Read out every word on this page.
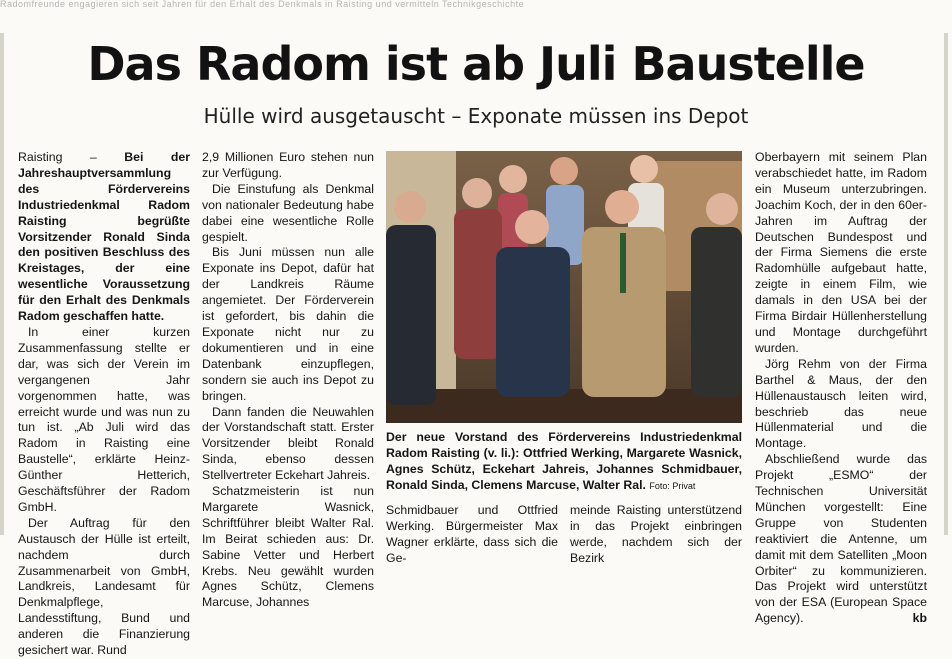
Radomfreunde engagieren sich seit Jahren für den Erhalt des Denkmals in Raisting und vermitteln Technikgeschichte
Das Radom ist ab Juli Baustelle
Hülle wird ausgetauscht – Exponate müssen ins Depot

Raisting – Bei der Jahreshauptversammlung des Fördervereins Industriedenkmal Radom Raisting begrüßte Vorsitzender Ronald Sinda den positiven Beschluss des Kreistages, der eine wesentliche Voraussetzung für den Erhalt des Denkmals Radom geschaffen hatte.

In einer kurzen Zusammenfassung stellte er dar, was sich der Verein im vergangenen Jahr vorgenommen hatte, was erreicht wurde und was nun zu tun ist. „Ab Juli wird das Radom in Raisting eine Baustelle“, erklärte Heinz-Günther Hetterich, Geschäftsführer der Radom GmbH.

Der Auftrag für den Austausch der Hülle ist erteilt, nachdem durch Zusammenarbeit von GmbH, Landkreis, Landesamt für Denkmalpflege, Landesstiftung, Bund und anderen die Finanzierung gesichert war. Rund

2,9 Millionen Euro stehen nun zur Verfügung.

Die Einstufung als Denkmal von nationaler Bedeutung habe dabei eine wesentliche Rolle gespielt.

Bis Juni müssen nun alle Exponate ins Depot, dafür hat der Landkreis Räume angemietet. Der Förderverein ist gefordert, bis dahin die Exponate nicht nur zu dokumentieren und in eine Datenbank einzupflegen, sondern sie auch ins Depot zu bringen.

Dann fanden die Neuwahlen der Vorstandschaft statt. Erster Vorsitzender bleibt Ronald Sinda, ebenso dessen Stellvertreter Eckehart Jahreis.

Schatzmeisterin ist nun Margarete Wasnick, Schriftführer bleibt Walter Ral. Im Beirat schieden aus: Dr. Sabine Vetter und Herbert Krebs. Neu gewählt wurden Agnes Schütz, Clemens Marcuse, Johannes

Der neue Vorstand des Fördervereins Industriedenkmal Radom Raisting (v. li.): Ottfried Werking, Margarete Wasnick, Agnes Schütz, Eckehart Jahreis, Johannes Schmidbauer, Ronald Sinda, Clemens Marcuse, Walter Ral. Foto: Privat

Schmidbauer und Ottfried Werking. Bürgermeister Max Wagner erklärte, dass sich die Ge-

meinde Raisting unterstützend in das Projekt einbringen werde, nachdem sich der Bezirk

Oberbayern mit seinem Plan verabschiedet hatte, im Radom ein Museum unterzubringen. Joachim Koch, der in den 60er-Jahren im Auftrag der Deutschen Bundespost und der Firma Siemens die erste Radomhülle aufgebaut hatte, zeigte in einem Film, wie damals in den USA bei der Firma Birdair Hüllenherstellung und Montage durchgeführt wurden.

Jörg Rehm von der Firma Barthel & Maus, der den Hüllenaustausch leiten wird, beschrieb das neue Hüllenmaterial und die Montage.

Abschließend wurde das Projekt „ESMO“ der Technischen Universität München vorgestellt: Eine Gruppe von Studenten reaktiviert die Antenne, um damit mit dem Satelliten „Moon Orbiter“ zu kommunizieren. Das Projekt wird unterstützt von der ESA (European Space Agency).	kb
